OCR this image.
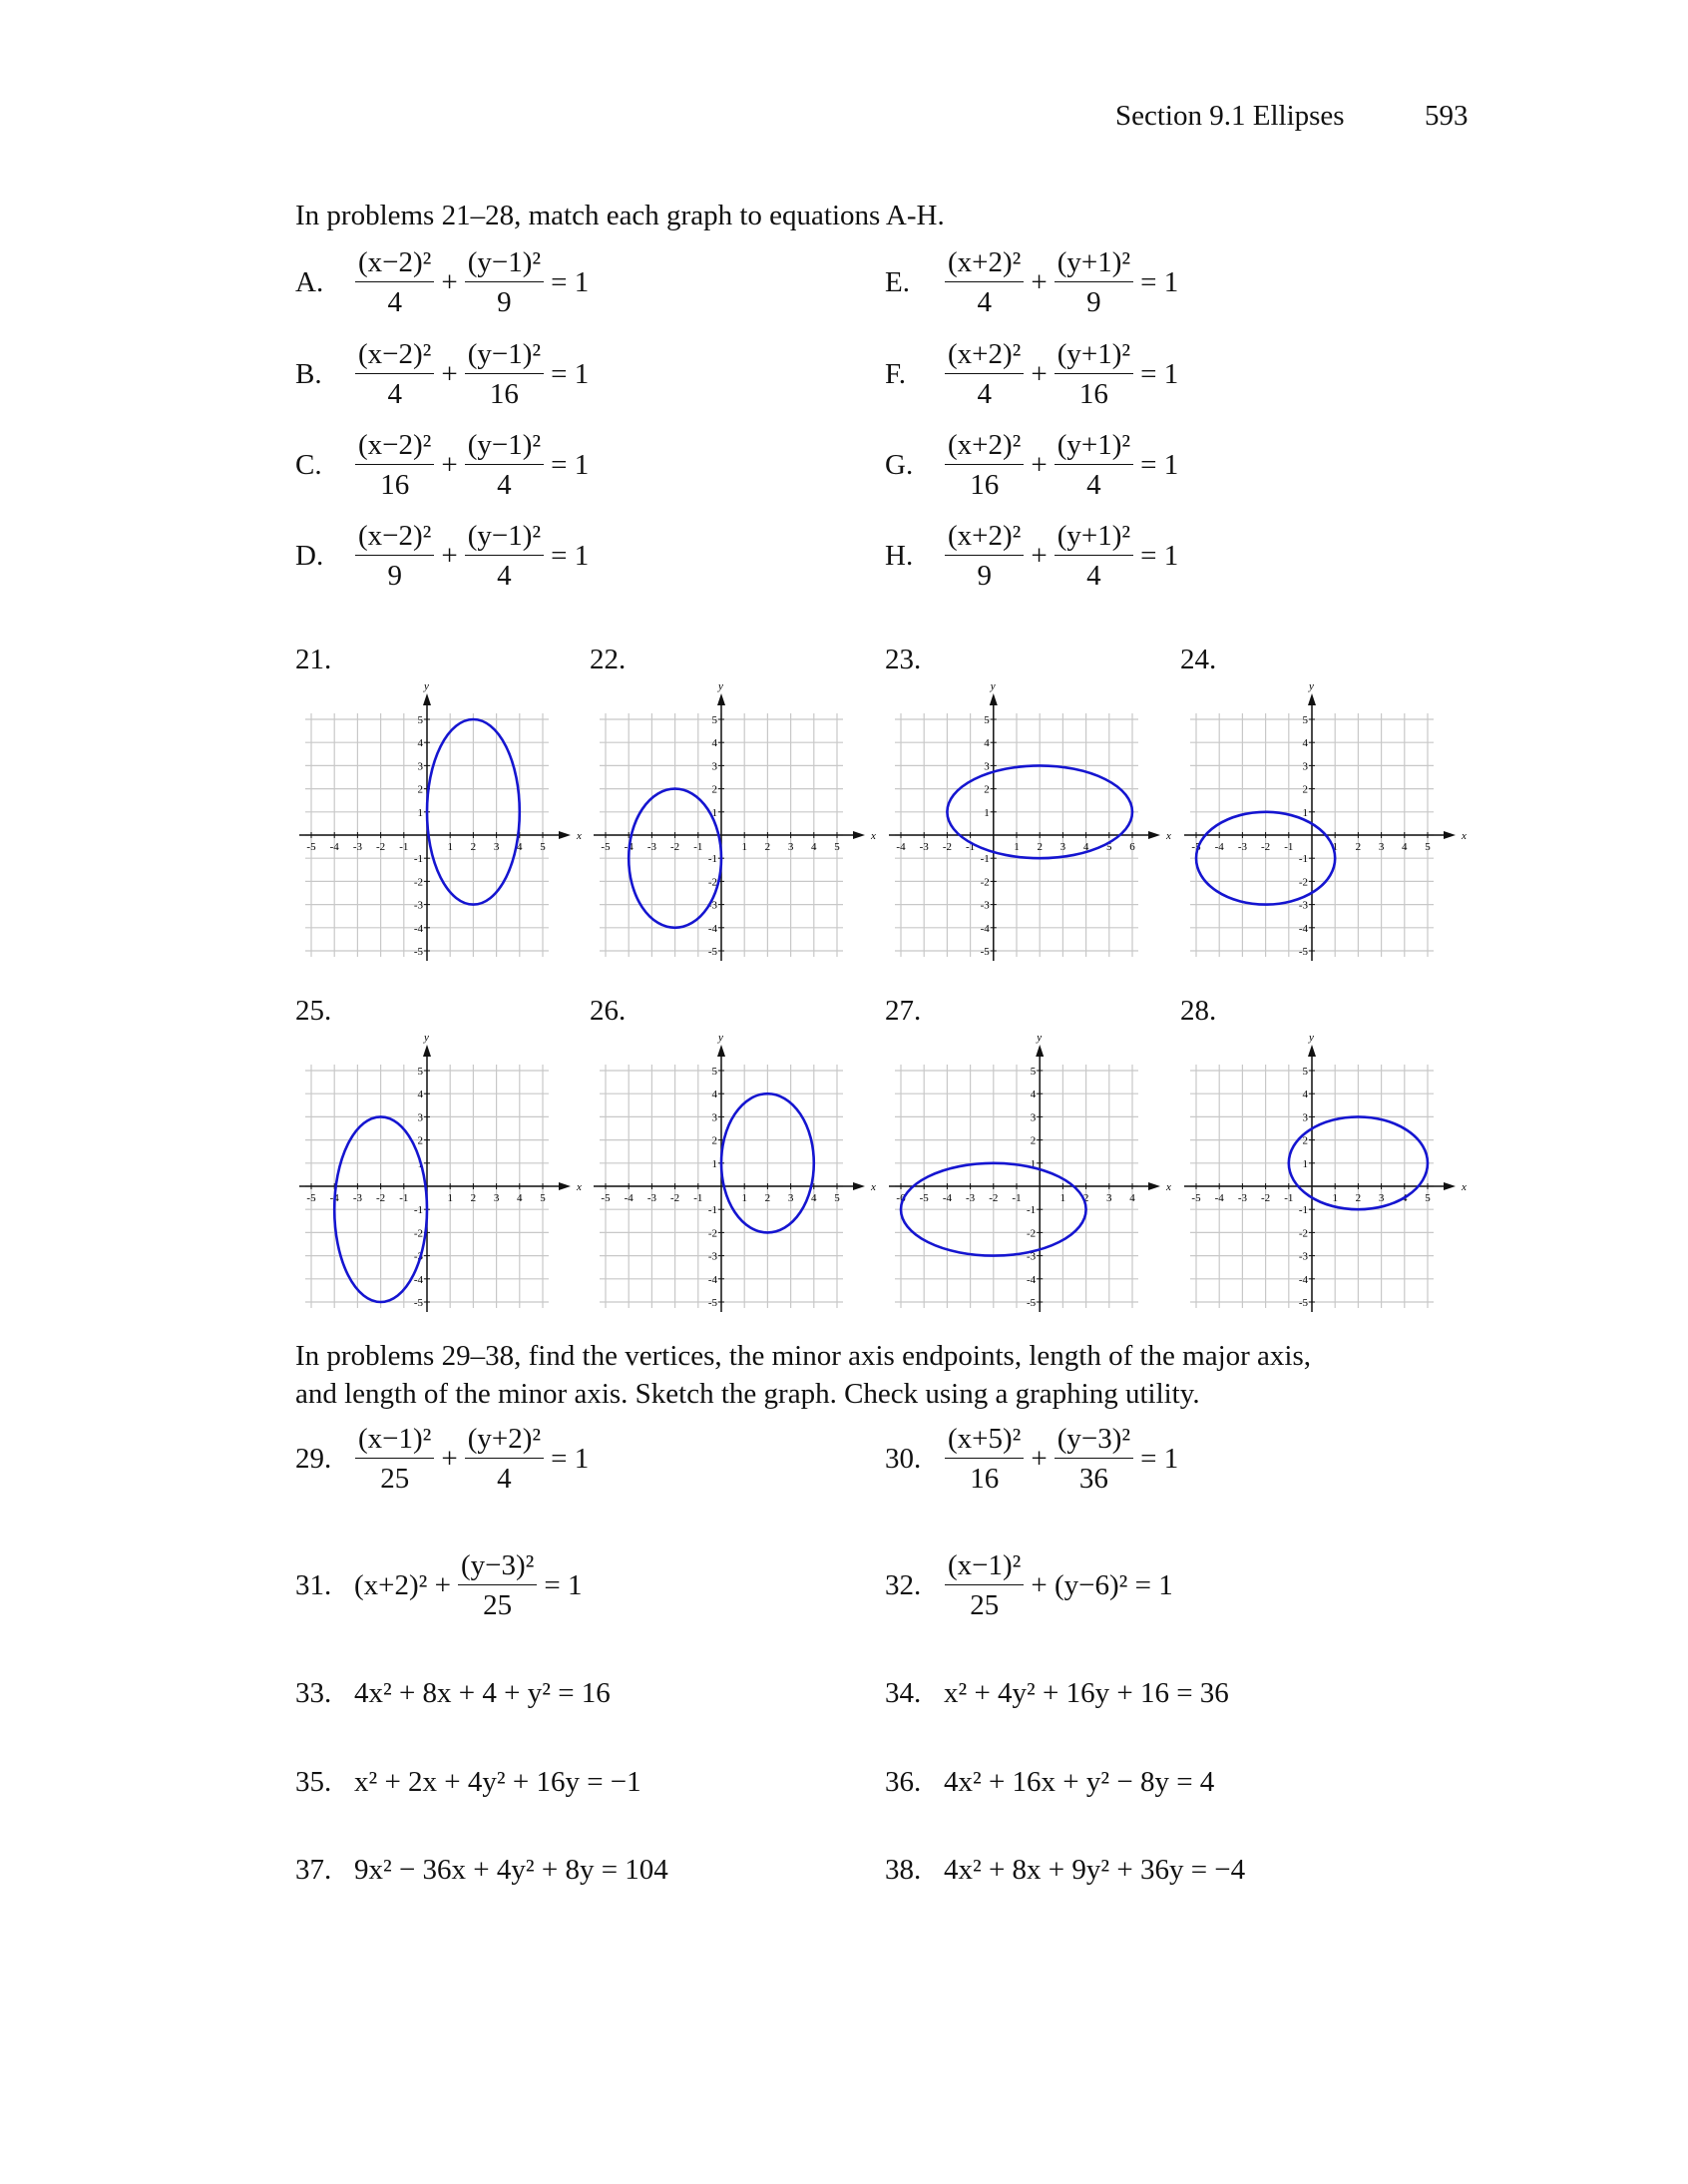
Section 9.1 Ellipses	593
In problems 21–28, match each graph to equations A-H.
A.	$\frac{\text{(x−2)²}}{4} + \frac{\text{(y−1)²}}{9} = 1$
B.	$\frac{\text{(x−2)²}}{4} + \frac{\text{(y−1)²}}{16} = 1$
C.	$\frac{\text{(x−2)²}}{16} + \frac{\text{(y−1)²}}{4} = 1$
D.	$\frac{\text{(x−2)²}}{9} + \frac{\text{(y−1)²}}{4} = 1$
E.	$\frac{\text{(x+2)²}}{4} + \frac{\text{(y+1)²}}{9} = 1$
F.	$\frac{\text{(x+2)²}}{4} + \frac{\text{(y+1)²}}{16} = 1$
G.	$\frac{\text{(x+2)²}}{16} + \frac{\text{(y+1)²}}{4} = 1$
H.	$\frac{\text{(x+2)²}}{9} + \frac{\text{(y+1)²}}{4} = 1$
21.
x
y
-5 -4 -3 -2 -1	1 2 3 4 5
-5
-4
-3
-2
-1
1
2
3
4
5
22.
x
y
-5 -4 -3 -2 -1	1 2 3 4 5
-5
-4
-3
-2
-1
1
2
3
4
5
23.
x
y
-4 -3 -2 -1	1 2 3 4 5 6
-5
-4
-3
-2
-1
1
2
3
4
5
24.
x
y
-5 -4 -3 -2 -1	1 2 3 4 5
-5
-4
-3
-2
-1
1
2
3
4
5
25.
x
y
-5 -4 -3 -2 -1	1 2 3 4 5
-5
-4
-3
-2
-1
1
2
3
4
5
26.
x
y
-5 -4 -3 -2 -1	1 2 3 4 5
-5
-4
-3
-2
-1
1
2
3
4
5
27.
x
y
-6 -5 -4 -3 -2 -1	1 2 3 4
-5
-4
-3
-2
-1
1
2
3
4
5
28.
x
y
-5 -4 -3 -2 -1	1 2 3 4 5
-5
-4
-3
-2
-1
1
2
3
4
5
In problems 29–38, find the vertices, the minor axis endpoints, length of the major axis,
and length of the minor axis. Sketch the graph. Check using a graphing utility.
29. $\frac{\text{(x−1)²}}{25} + \frac{\text{(y+2)²}}{4} = 1$	30. $\frac{\text{(x+5)²}}{16} + \frac{\text{(y−3)²}}{36} = 1$
31. $(x+2)^2 + \frac{\text{(y−3)²}}{25} = 1$	32. $\frac{\text{(x−1)²}}{25} + (y-6)^2 = 1$
33. 4x² + 8x + 4 + y² = 16	34. x² + 4y² + 16y + 16 = 36
35. x² + 2x + 4y² + 16y = −1	36. 4x² + 16x + y² − 8y = 4
37. 9x² − 36x + 4y² + 8y = 104	38. 4x² + 8x + 9y² + 36y = −4
